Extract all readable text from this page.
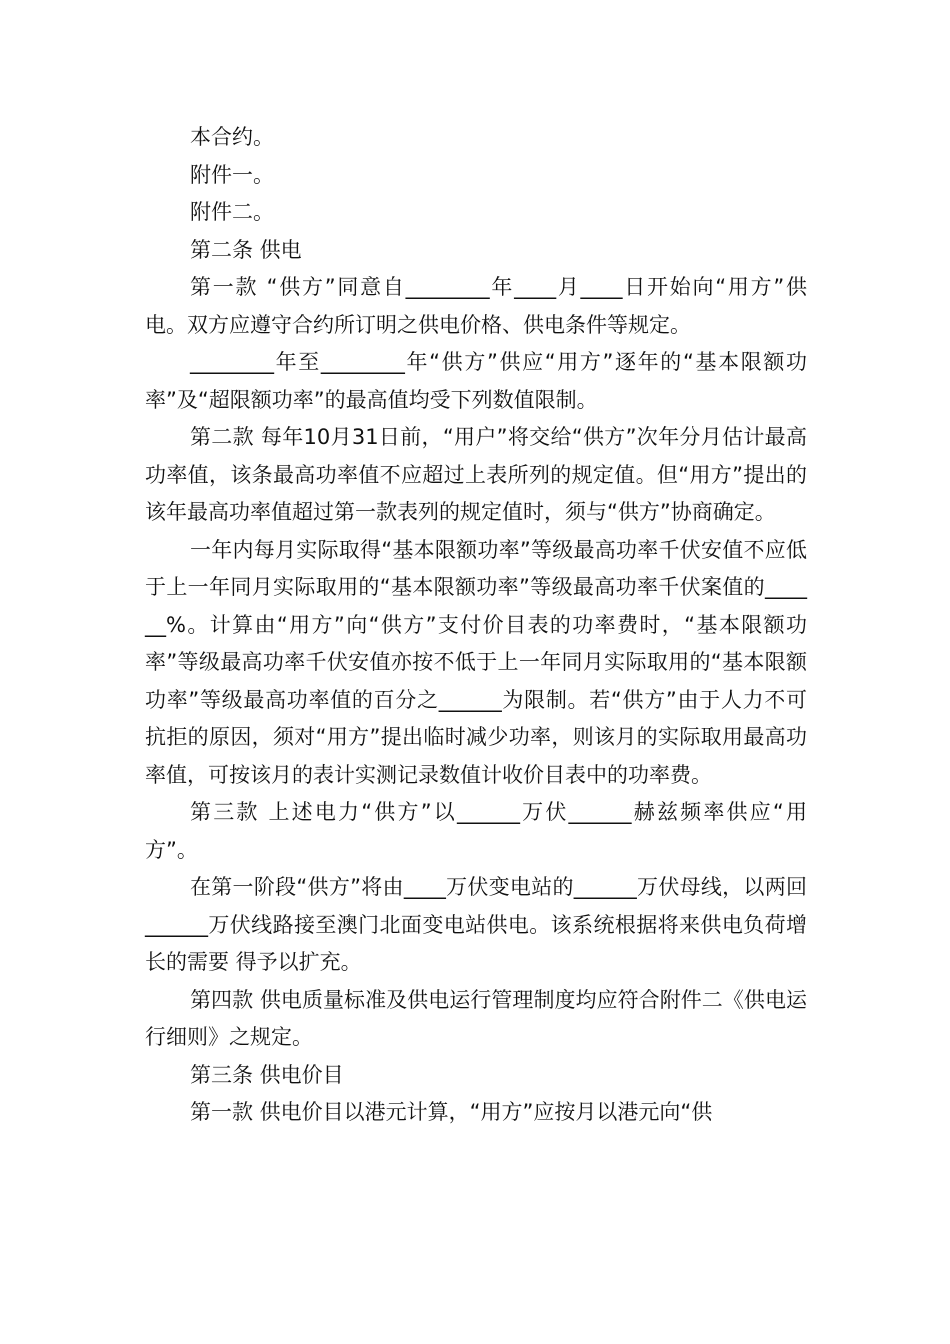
本合约。

附件一。

附件二。

第二条 供电

第一款 “供方”同意自________年____月____日开始向“用方”供电。双方应遵守合约所订明之供电价格、供电条件等规定。

________年至________年“供方”供应“用方”逐年的“基本限额功率”及“超限额功率”的最高值均受下列数值限制。

第二款 每年10月31日前，“用户”将交给“供方”次年分月估计最高功率值，该条最高功率值不应超过上表所列的规定值。但“用方”提出的该年最高功率值超过第一款表列的规定值时，须与“供方”协商确定。

一年内每月实际取得“基本限额功率”等级最高功率千伏安值不应低于上一年同月实际取用的“基本限额功率”等级最高功率千伏案值的______%。计算由“用方”向“供方”支付价目表的功率费时，“基本限额功率”等级最高功率千伏安值亦按不低于上一年同月实际取用的“基本限额功率”等级最高功率值的百分之______为限制。若“供方”由于人力不可抗拒的原因，须对“用方”提出临时减少功率，则该月的实际取用最高功率值，可按该月的表计实测记录数值计收价目表中的功率费。

第三款 上述电力“供方”以______万伏______赫兹频率供应“用方”。

在第一阶段“供方”将由____万伏变电站的______万伏母线，以两回______万伏线路接至澳门北面变电站供电。该系统根据将来供电负荷增长的需要 得予以扩充。

第四款 供电质量标准及供电运行管理制度均应符合附件二《供电运行细则》之规定。

第三条 供电价目

第一款 供电价目以港元计算，“用方”应按月以港元向“供
